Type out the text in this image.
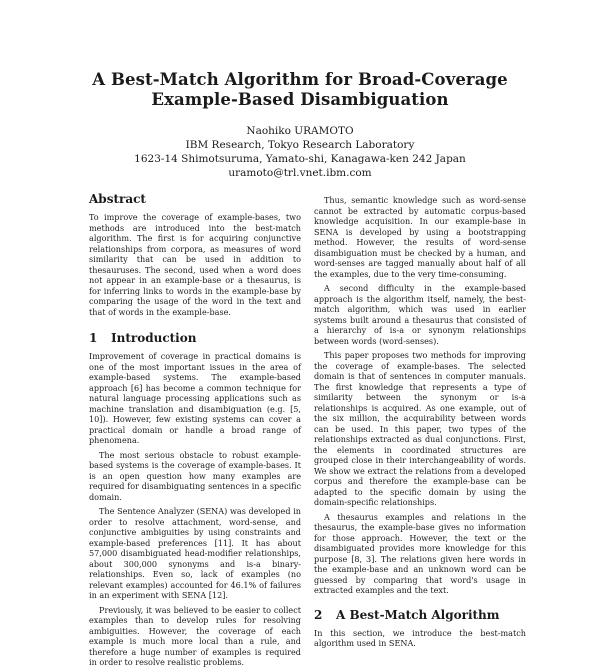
A Best-Match Algorithm for Broad-Coverage
Example-Based Disambiguation
Naohiko URAMOTO
IBM Research, Tokyo Research Laboratory
1623-14 Shimotsuruma, Yamato-shi, Kanagawa-ken 242 Japan
uramoto@trl.vnet.ibm.com
Abstract

To improve the coverage of example-bases, two methods are introduced into the best-match algorithm. The first is for acquiring conjunctive relationships from corpora, as measures of word similarity that can be used in addition to thesauruses. The second, used when a word does not appear in an example-base or a thesaurus, is for inferring links to words in the example-base by comparing the usage of the word in the text and that of words in the example-base.

1 Introduction

Improvement of coverage in practical domains is one of the most important issues in the area of example-based systems. The example-based approach [6] has become a common technique for natural language processing applications such as machine translation and disambiguation (e.g. [5, 10]). However, few existing systems can cover a practical domain or handle a broad range of phenomena.

The most serious obstacle to robust example-based systems is the coverage of example-bases. It is an open question how many examples are required for disambiguating sentences in a specific domain.

The Sentence Analyzer (SENA) was developed in order to resolve attachment, word-sense, and conjunctive ambiguities by using constraints and example-based preferences [11]. It has about 57,000 disambiguated head-modifier relationships, about 300,000 synonyms and is-a binary-relationships. Even so, lack of examples (no relevant examples) accounted for 46.1% of failures in an experiment with SENA [12].

Previously, it was believed to be easier to collect examples than to develop rules for resolving ambiguities. However, the coverage of each example is much more local than a rule, and therefore a huge number of examples is required in order to resolve realistic problems.

Thus, semantic knowledge such as word-sense cannot be extracted by automatic corpus-based knowledge acquisition. In our example-base in SENA is developed by using a bootstrapping method. However, the results of word-sense disambiguation must be checked by a human, and word-senses are tagged manually about half of all the examples, due to the very time-consuming.

A second difficulty in the example-based approach is the algorithm itself, namely, the best-match algorithm, which was used in earlier systems built around a thesaurus that consisted of a hierarchy of is-a or synonym relationships between words (word-senses).

This paper proposes two methods for improving the coverage of example-bases. The selected domain is that of sentences in computer manuals. The first knowledge that represents a type of similarity between the synonym or is-a relationships is acquired. As one example, out of the six million, the acquirability between words can be used. In this paper, two types of the relationships extracted as dual conjunctions. First, the elements in coordinated structures are grouped close in their interchangeability of words. We show we extract the relations from a developed corpus and therefore the example-base can be adapted to the specific domain by using the domain-specific relationships.

A thesaurus examples and relations in the thesaurus, the example-base gives no information for those approach. However, the text or the disambiguated provides more knowledge for this purpose [8, 3]. The relations given here words in the example-base and an unknown word can be guessed by comparing that word's usage in extracted examples and the text.

2 A Best-Match Algorithm

In this section, we introduce the best-match algorithm used in SENA.
